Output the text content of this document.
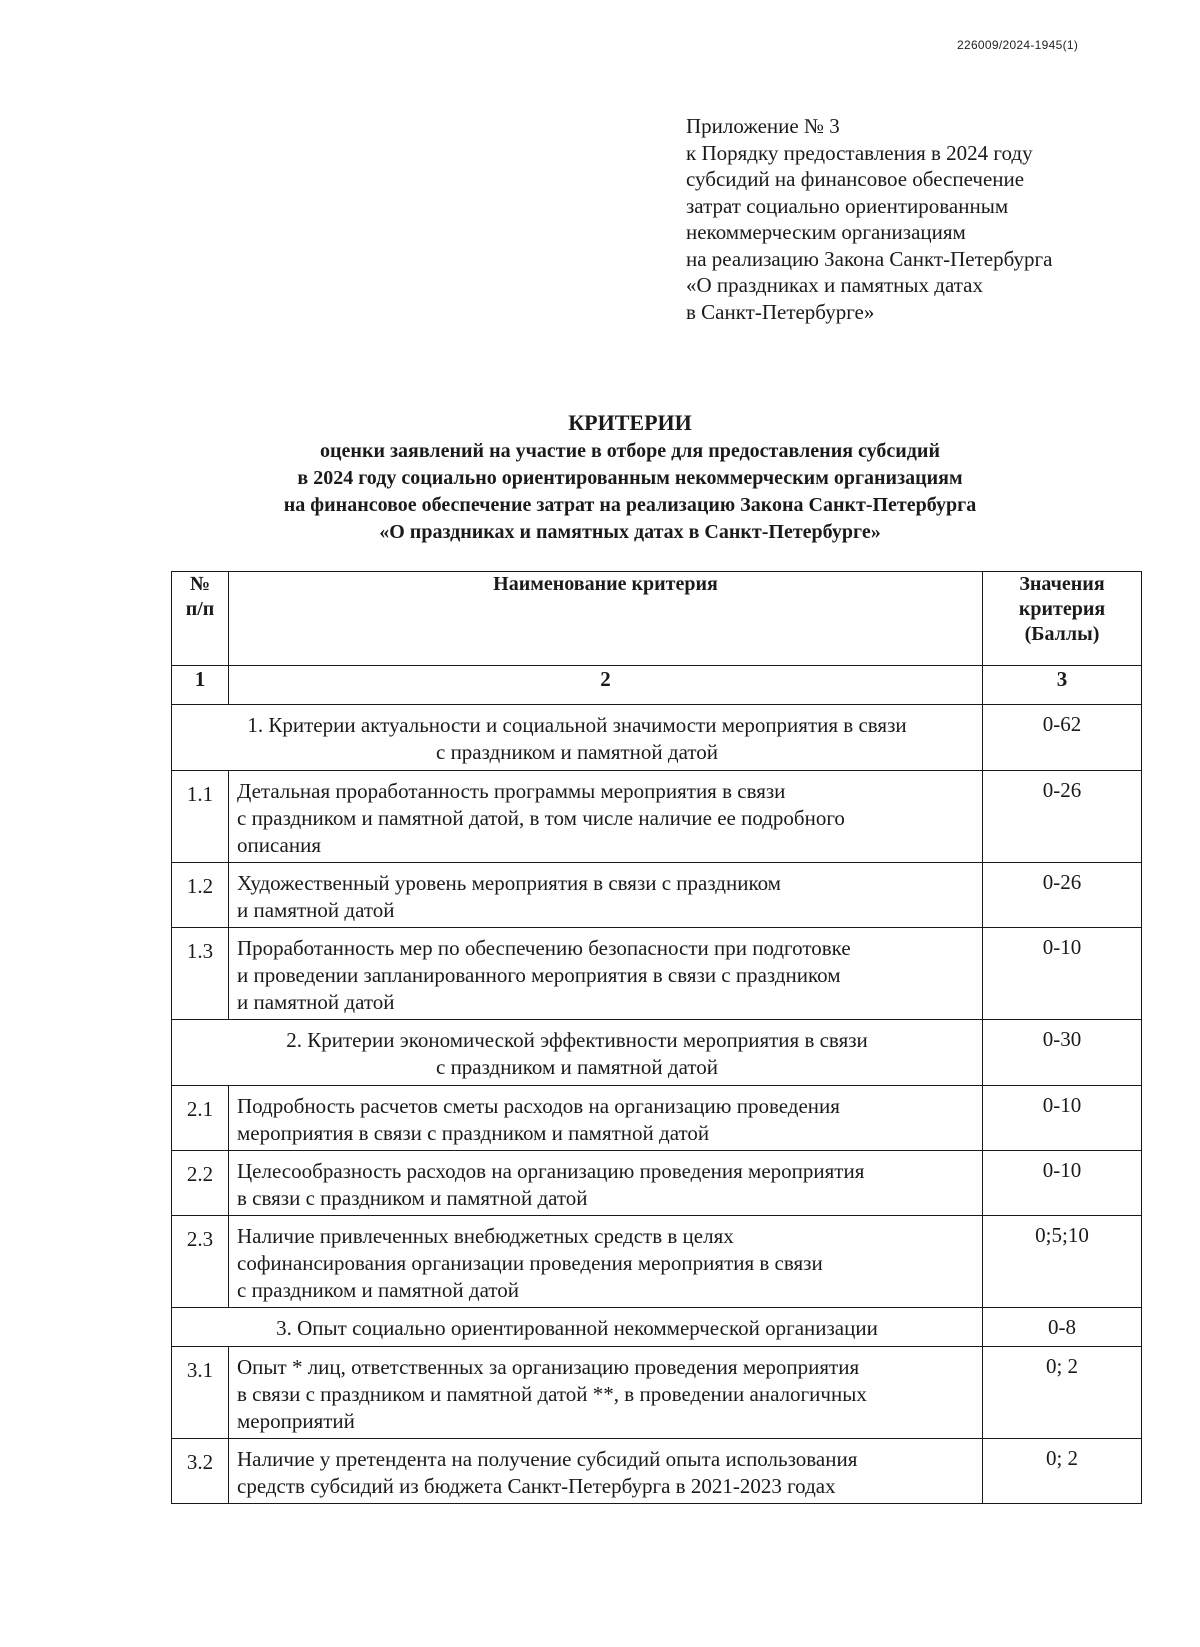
226009/2024-1945(1)
Приложение № 3
к Порядку предоставления в 2024 году
субсидий на финансовое обеспечение
затрат социально ориентированным
некоммерческим организациям
на реализацию Закона Санкт-Петербурга
«О праздниках и памятных датах
в Санкт-Петербурге»
КРИТЕРИИ
оценки заявлений на участие в отборе для предоставления субсидий
в 2024 году социально ориентированным некоммерческим организациям
на финансовое обеспечение затрат на реализацию Закона Санкт-Петербурга
«О праздниках и памятных датах в Санкт-Петербурге»
№
п/п	Наименование критерия	Значения
критерия
(Баллы)
1	2	3
1. Критерии актуальности и социальной значимости мероприятия в связи
с праздником и памятной датой		0-62
1.1	Детальная проработанность программы мероприятия в связи
с праздником и памятной датой, в том числе наличие ее подробного
описания	0-26
1.2	Художественный уровень мероприятия в связи с праздником
и памятной датой	0-26
1.3	Проработанность мер по обеспечению безопасности при подготовке
и проведении запланированного мероприятия в связи с праздником
и памятной датой	0-10
2. Критерии экономической эффективности мероприятия в связи
с праздником и памятной датой		0-30
2.1	Подробность расчетов сметы расходов на организацию проведения
мероприятия в связи с праздником и памятной датой	0-10
2.2	Целесообразность расходов на организацию проведения мероприятия
в связи с праздником и памятной датой	0-10
2.3	Наличие привлеченных внебюджетных средств в целях
софинансирования организации проведения мероприятия в связи
с праздником и памятной датой	0;5;10
3. Опыт социально ориентированной некоммерческой организации		0-8
3.1	Опыт * лиц, ответственных за организацию проведения мероприятия
в связи с праздником и памятной датой **, в проведении аналогичных
мероприятий	0; 2
3.2	Наличие у претендента на получение субсидий опыта использования
средств субсидий из бюджета Санкт-Петербурга в 2021-2023 годах	0; 2
